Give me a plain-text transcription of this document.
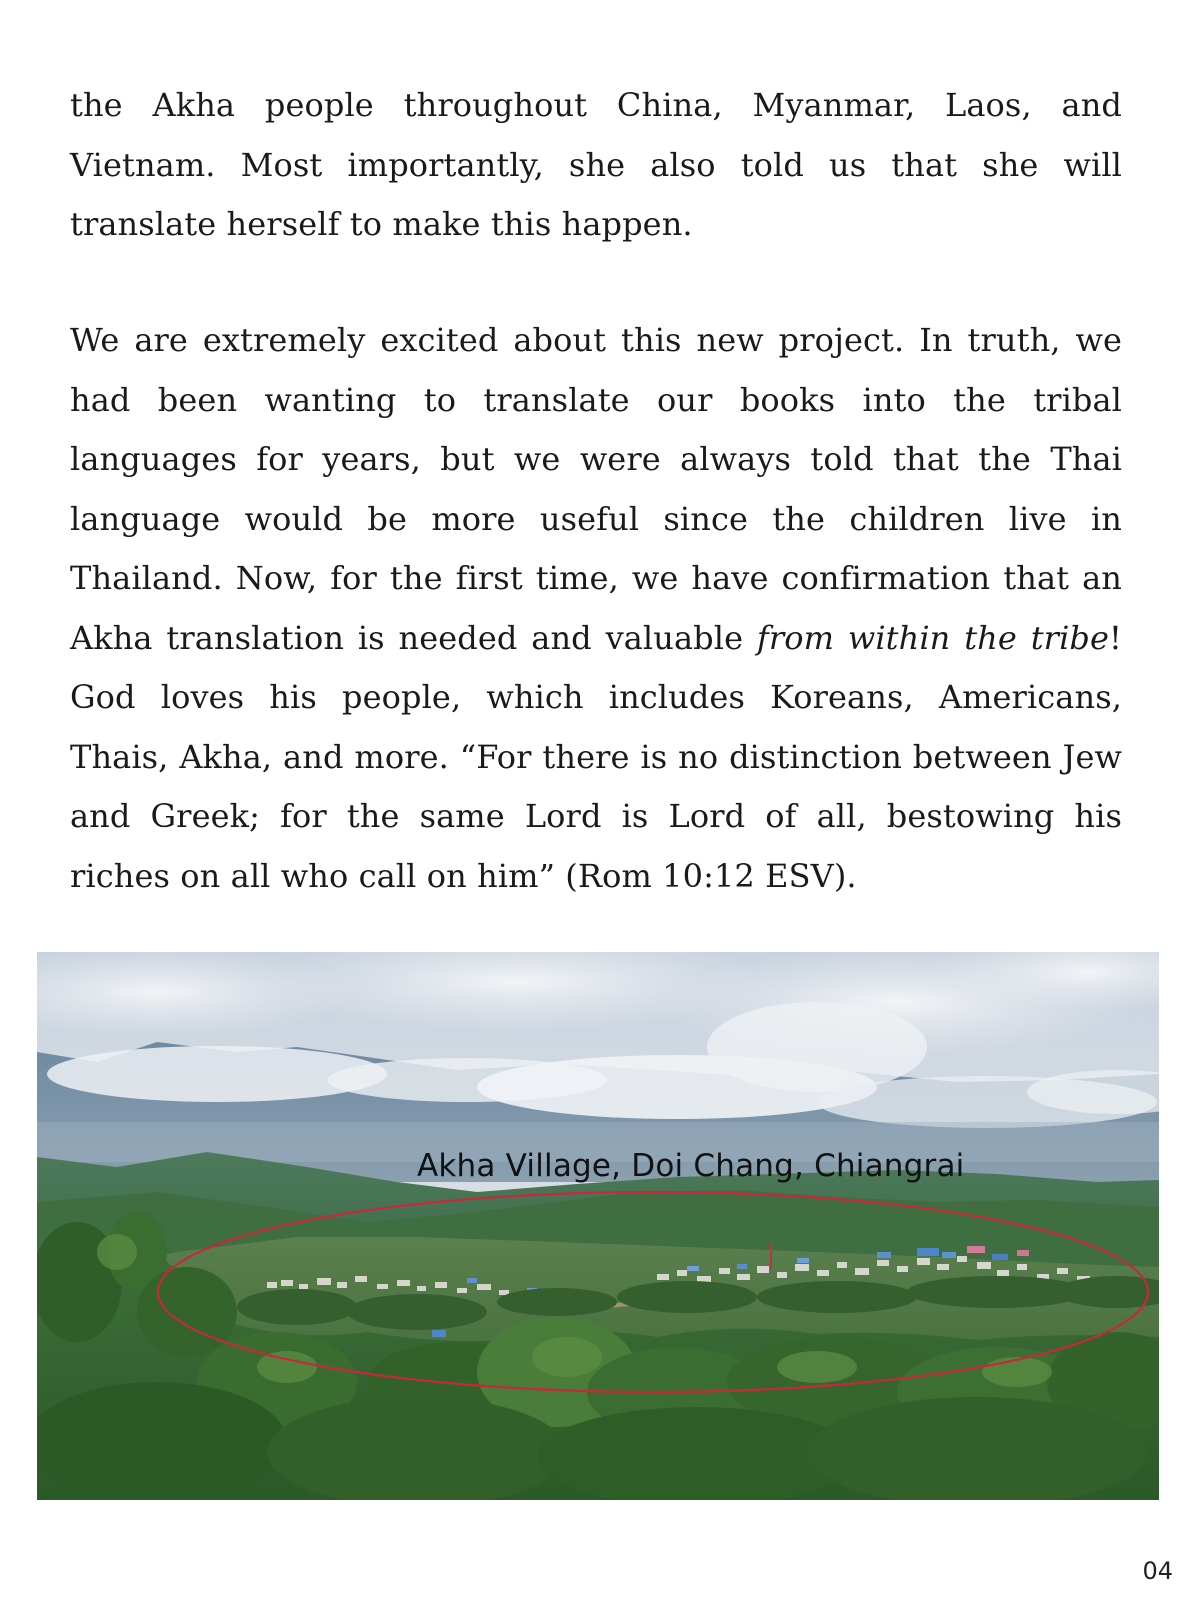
the Akha people throughout China, Myanmar, Laos, and Vietnam. Most importantly, she also told us that she will translate herself to make this happen.

We are extremely excited about this new project. In truth, we had been wanting to translate our books into the tribal languages for years, but we were always told that the Thai language would be more useful since the children live in Thailand. Now, for the first time, we have confirmation that an Akha translation is needed and valuable from within the tribe! God loves his people, which includes Koreans, Americans, Thais, Akha, and more. “For there is no distinction between Jew and Greek; for the same Lord is Lord of all, bestowing his riches on all who call on him” (Rom 10:12 ESV).

Akha Village, Doi Chang, Chiangrai
04
